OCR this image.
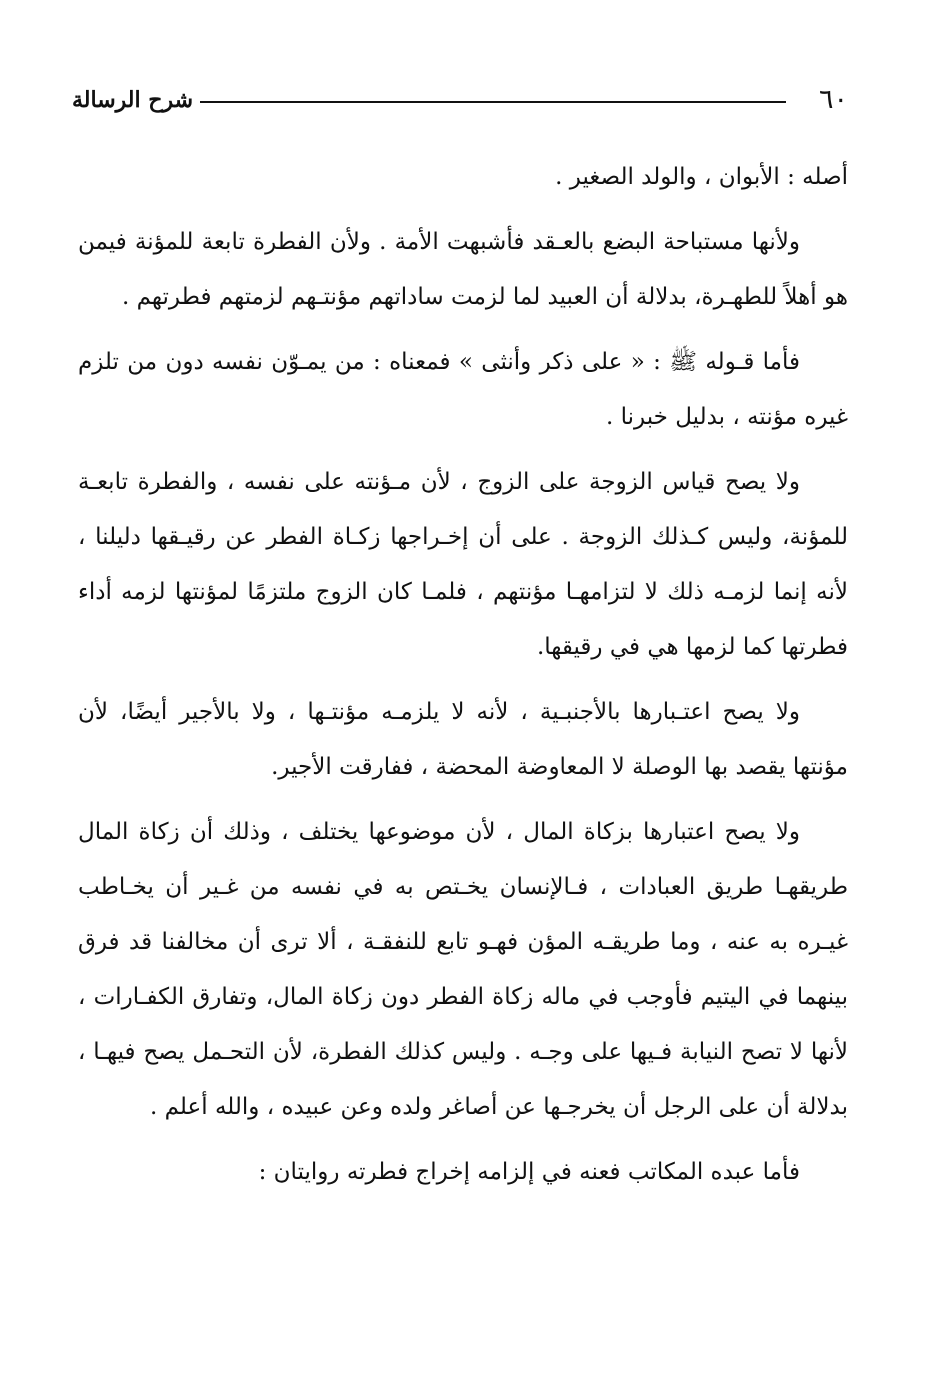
٦٠
شرح الرسالة

أصله : الأبوان ، والولد الصغير .

ولأنها مستباحة البضع بالعـقد فأشبهت الأمة . ولأن الفطرة تابعة للمؤنة فيمن هو أهلاً للطهـرة، بدلالة أن العبيد لما لزمت ساداتهم مؤنتـهم لزمتهم فطرتهم .

فأما قـوله ﷺ : « على ذكر وأنثى » فمعناه : من يمـوّن نفسه دون من تلزم غيره مؤنته ، بدليل خبرنا .

ولا يصح قياس الزوجة على الزوج ، لأن مـؤنته على نفسه ، والفطرة تابعـة للمؤنة، وليس كـذلك الزوجة . على أن إخـراجها زكـاة الفطر عن رقيـقها دليلنا ، لأنه إنما لزمـه ذلك لا لتزامهـا مؤنتهم ، فلمـا كان الزوج ملتزمًا لمؤنتها لزمه أداء فطرتها كما لزمها هي في رقيقها.

ولا يصح اعتـبارها بالأجنبـية ، لأنه لا يلزمـه مؤنتـها ، ولا بالأجير أيضًا، لأن مؤنتها يقصد بها الوصلة لا المعاوضة المحضة ، ففارقت الأجير.

ولا يصح اعتبارها بزكاة المال ، لأن موضوعها يختلف ، وذلك أن زكاة المال طريقهـا طريق العبادات ، فـالإنسان يخـتص به في نفسه من غـير أن يخـاطب غيـره به عنه ، وما طريقـه المؤن فهـو تابع للنفقـة ، ألا ترى أن مخالفنا قد فرق بينهما في اليتيم فأوجب في ماله زكاة الفطر دون زكاة المال، وتفارق الكفـارات ، لأنها لا تصح النيابة فـيها على وجـه . وليس كذلك الفطرة، لأن التحـمل يصح فيهـا ، بدلالة أن على الرجل أن يخرجـها عن أصاغر ولده وعن عبيده ، والله أعلم .

فأما عبده المكاتب فعنه في إلزامه إخراج فطرته روايتان :
